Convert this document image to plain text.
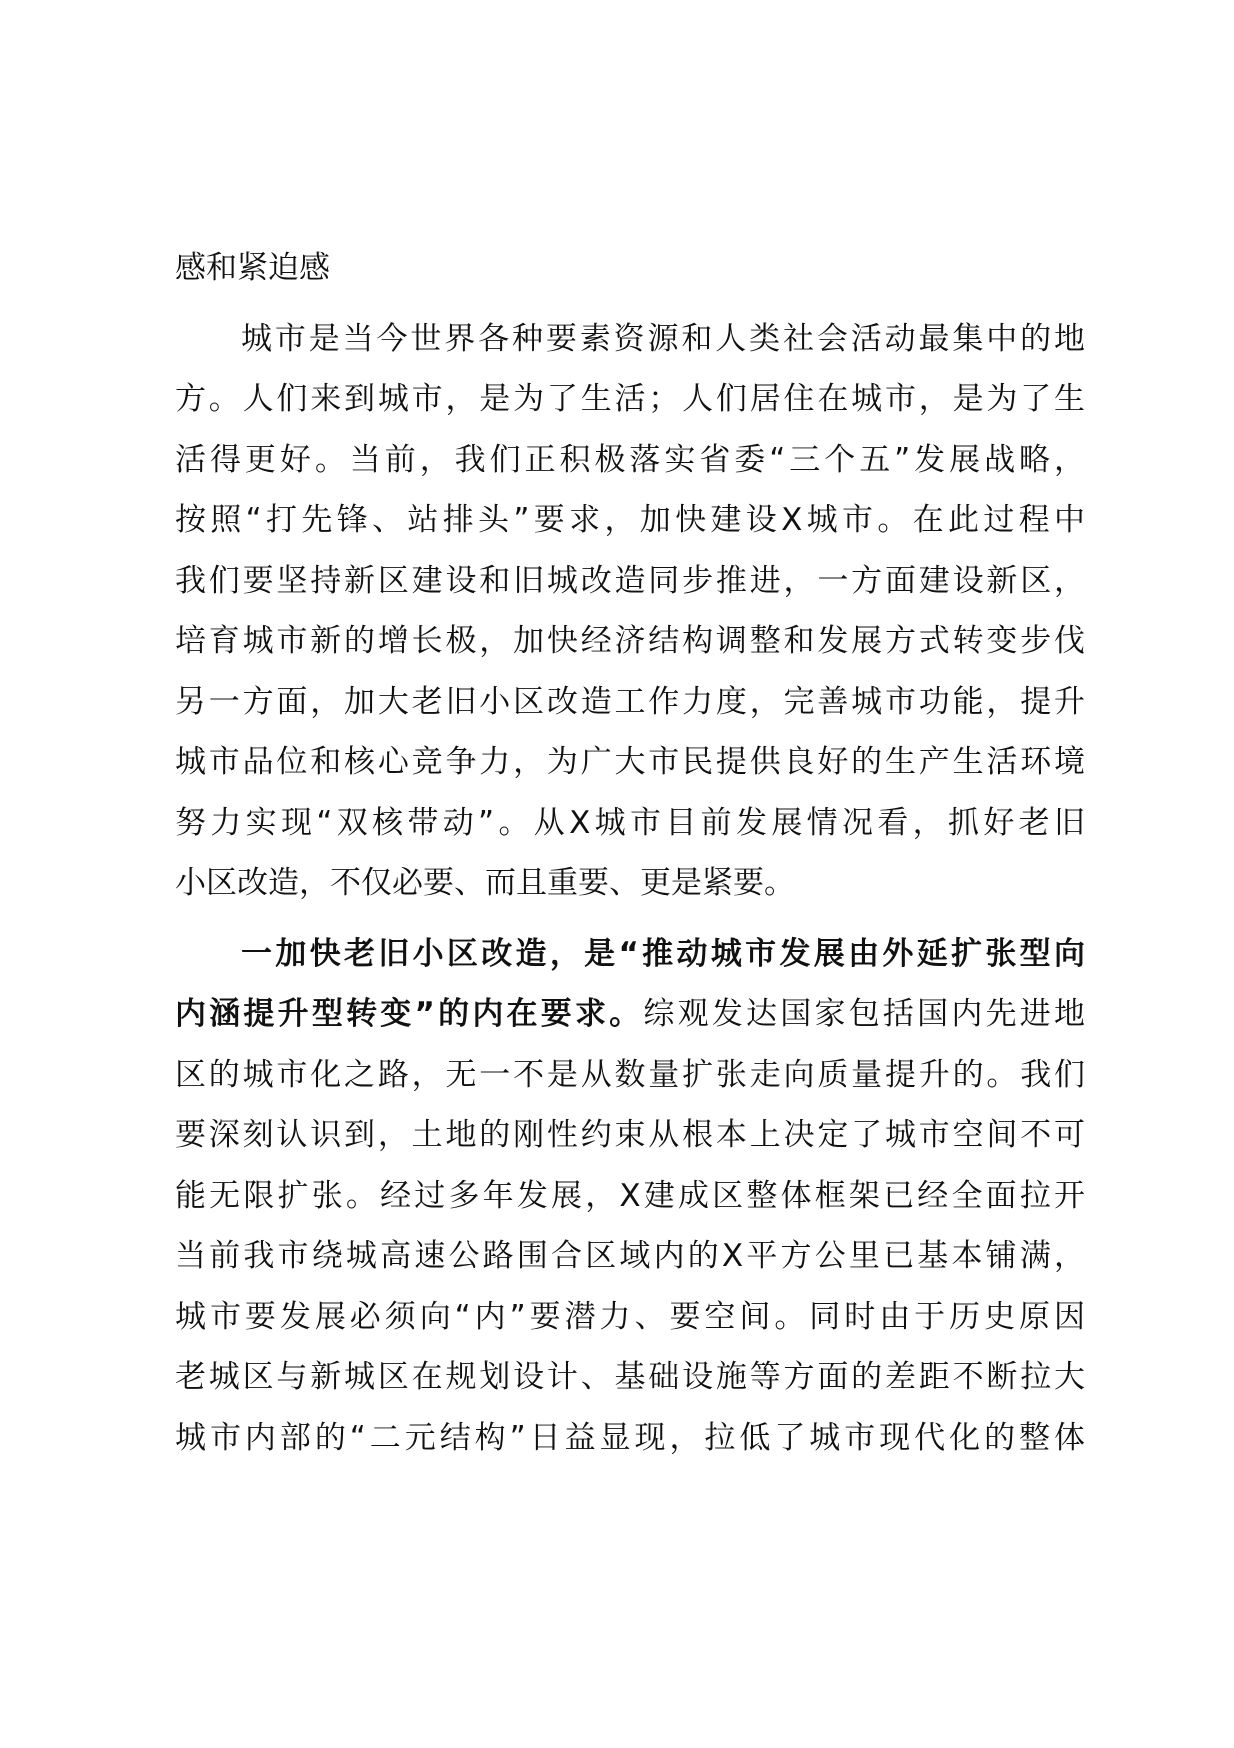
感和紧迫感
城市是当今世界各种要素资源和人类社会活动最集中的地
方。人们来到城市，是为了生活；人们居住在城市，是为了生
活得更好。当前，我们正积极落实省委“三个五”发展战略，
按照“打先锋、站排头”要求，加快建设X城市。在此过程中
我们要坚持新区建设和旧城改造同步推进，一方面建设新区，
培育城市新的增长极，加快经济结构调整和发展方式转变步伐
另一方面，加大老旧小区改造工作力度，完善城市功能，提升
城市品位和核心竞争力，为广大市民提供良好的生产生活环境
努力实现“双核带动”。从X城市目前发展情况看，抓好老旧
小区改造，不仅必要、而且重要、更是紧要。
一加快老旧小区改造，是“推动城市发展由外延扩张型向
内涵提升型转变”的内在要求。综观发达国家包括国内先进地
区的城市化之路，无一不是从数量扩张走向质量提升的。我们
要深刻认识到，土地的刚性约束从根本上决定了城市空间不可
能无限扩张。经过多年发展，X建成区整体框架已经全面拉开
当前我市绕城高速公路围合区域内的X平方公里已基本铺满，
城市要发展必须向“内”要潜力、要空间。同时由于历史原因
老城区与新城区在规划设计、基础设施等方面的差距不断拉大
城市内部的“二元结构”日益显现，拉低了城市现代化的整体
